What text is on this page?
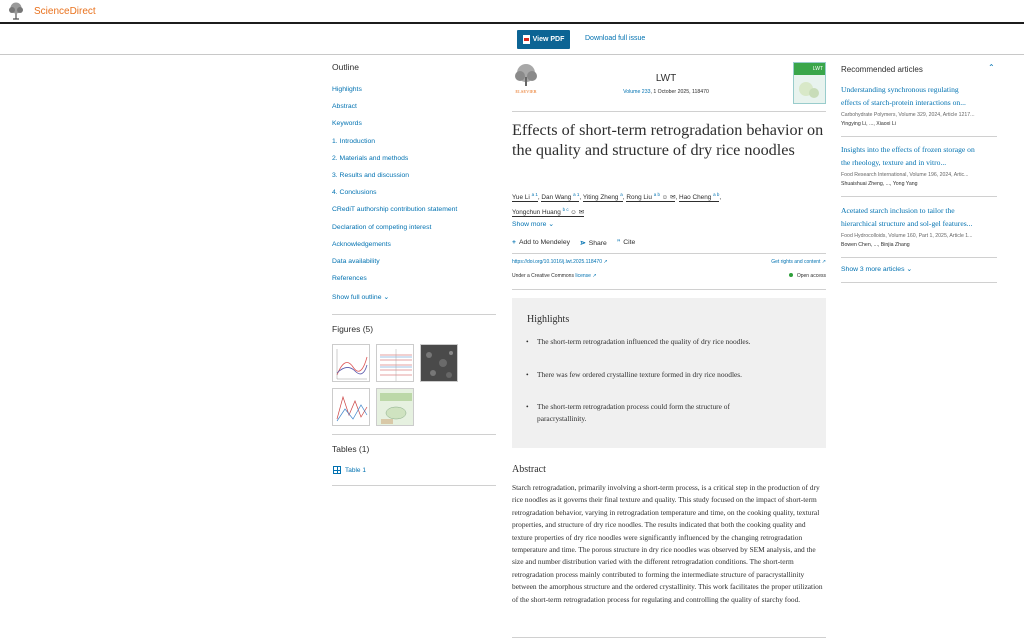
ScienceDirect
View PDF	Download full issue
Outline
Highlights
Abstract
Keywords
1. Introduction
2. Materials and methods
3. Results and discussion
4. Conclusions
CRediT authorship contribution statement
Declaration of competing interest
Acknowledgements
Data availability
References
Show full outline ⌄
Figures (5)
Tables (1)
Table 1
ELSEVIER
LWT
Volume 233, 1 October 2025, 118470
LWT
Effects of short-term retrogradation behavior on the quality and structure of dry rice noodles
Yue Li $^{a 1}$, Dan Wang $^{a 1}$, Yiting Zheng $^a$, Rong Liu $^{a b}$ ☺ ✉, Hao Cheng $^{a b}$,
Yongchun Huang $^{b c}$ ☺ ✉
Show more ⌄
+ Add to Mendeley ⋗ Share ” Cite
https://doi.org/10.1016/j.lwt.2025.118470 ↗	Get rights and content ↗
Under a Creative Commons license ↗	Open access
Highlights
• The short-term retrogradation influenced the quality of dry rice noodles.
• There was few ordered crystalline texture formed in dry rice noodles.
• The short-term retrogradation process could form the structure of paracrystallinity.
Abstract

Starch retrogradation, primarily involving a short-term process, is a critical step in the production of dry rice noodles as it governs their final texture and quality. This study focused on the impact of short-term retrogradation behavior, varying in retrogradation temperature and time, on the cooking quality, textural properties, and structure of dry rice noodles. The results indicated that both the cooking quality and texture properties of dry rice noodles were significantly influenced by the changing retrogradation temperature and time. The porous structure in dry rice noodles was observed by SEM analysis, and the size and number distribution varied with the different retrogradation conditions. The short-term retrogradation process mainly contributed to forming the intermediate structure of paracrystallinity between the amorphous structure and the ordered crystallinity. This work facilitates the proper utilization of the short-term retrogradation process for regulating and controlling the quality of starchy food.

Recommended articles	⌃
Understanding synchronous regulating
effects of starch-protein interactions on...
Carbohydrate Polymers, Volume 329, 2024, Article 1217...
Yingying Li, ..., Xiaoxi Li
Insights into the effects of frozen storage on
the rheology, texture and in vitro...
Food Research International, Volume 196, 2024, Artic...
Shuaishuai Zheng, ..., Yong Yang
Acetated starch inclusion to tailor the
hierarchical structure and sol-gel features...
Food Hydrocolloids, Volume 160, Part 1, 2025, Article 1...
Bowen Chen, ..., Binjia Zhang
Show 3 more articles ⌄
